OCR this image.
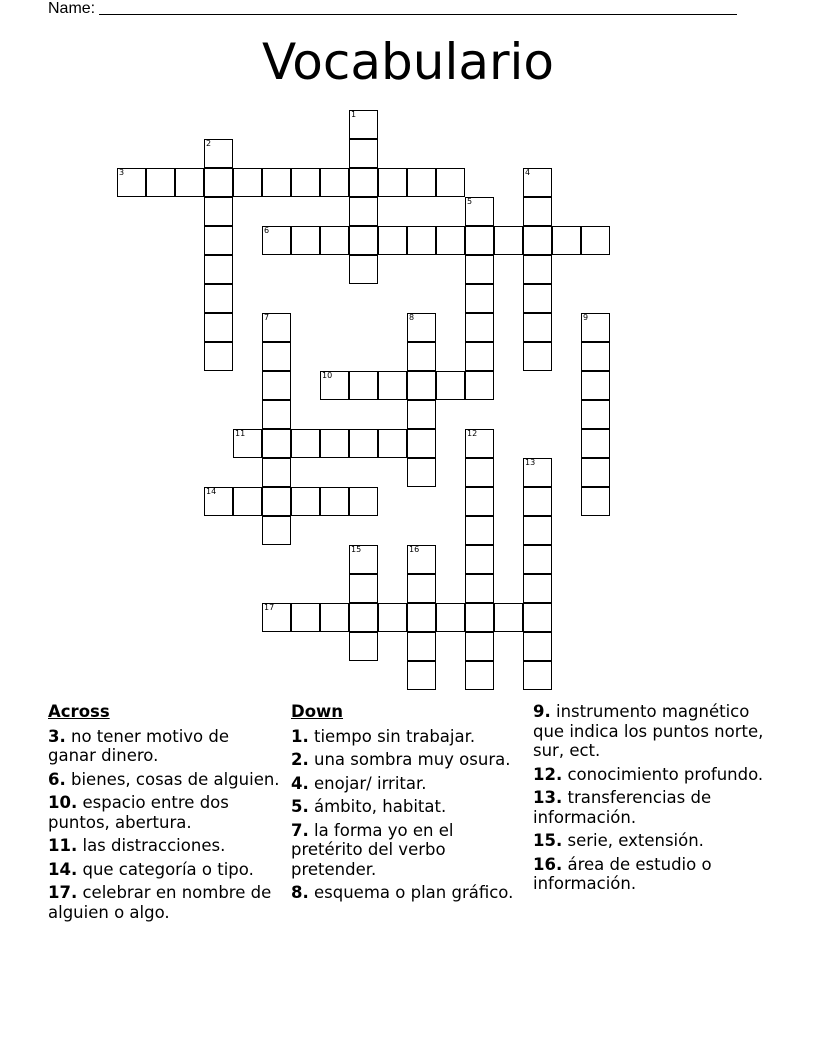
Name:
Vocabulario
1
2
3	4
5
6
7	8	9
10
11	12
13
14
15	16
17
Across
3. no tener motivo de ganar dinero.
6. bienes, cosas de alguien.
10. espacio entre dos puntos, abertura.
11. las distracciones.
14. que categoría o tipo.
17. celebrar en nombre de alguien o algo.
Down
1. tiempo sin trabajar.
2. una sombra muy osura.
4. enojar/ irritar.
5. ámbito, habitat.
7. la forma yo en el pretérito del verbo pretender.
8. esquema o plan gráfico.
9. instrumento magnético que indica los puntos norte, sur, ect.
12. conocimiento profundo.
13. transferencias de información.
15. serie, extensión.
16. área de estudio o información.
